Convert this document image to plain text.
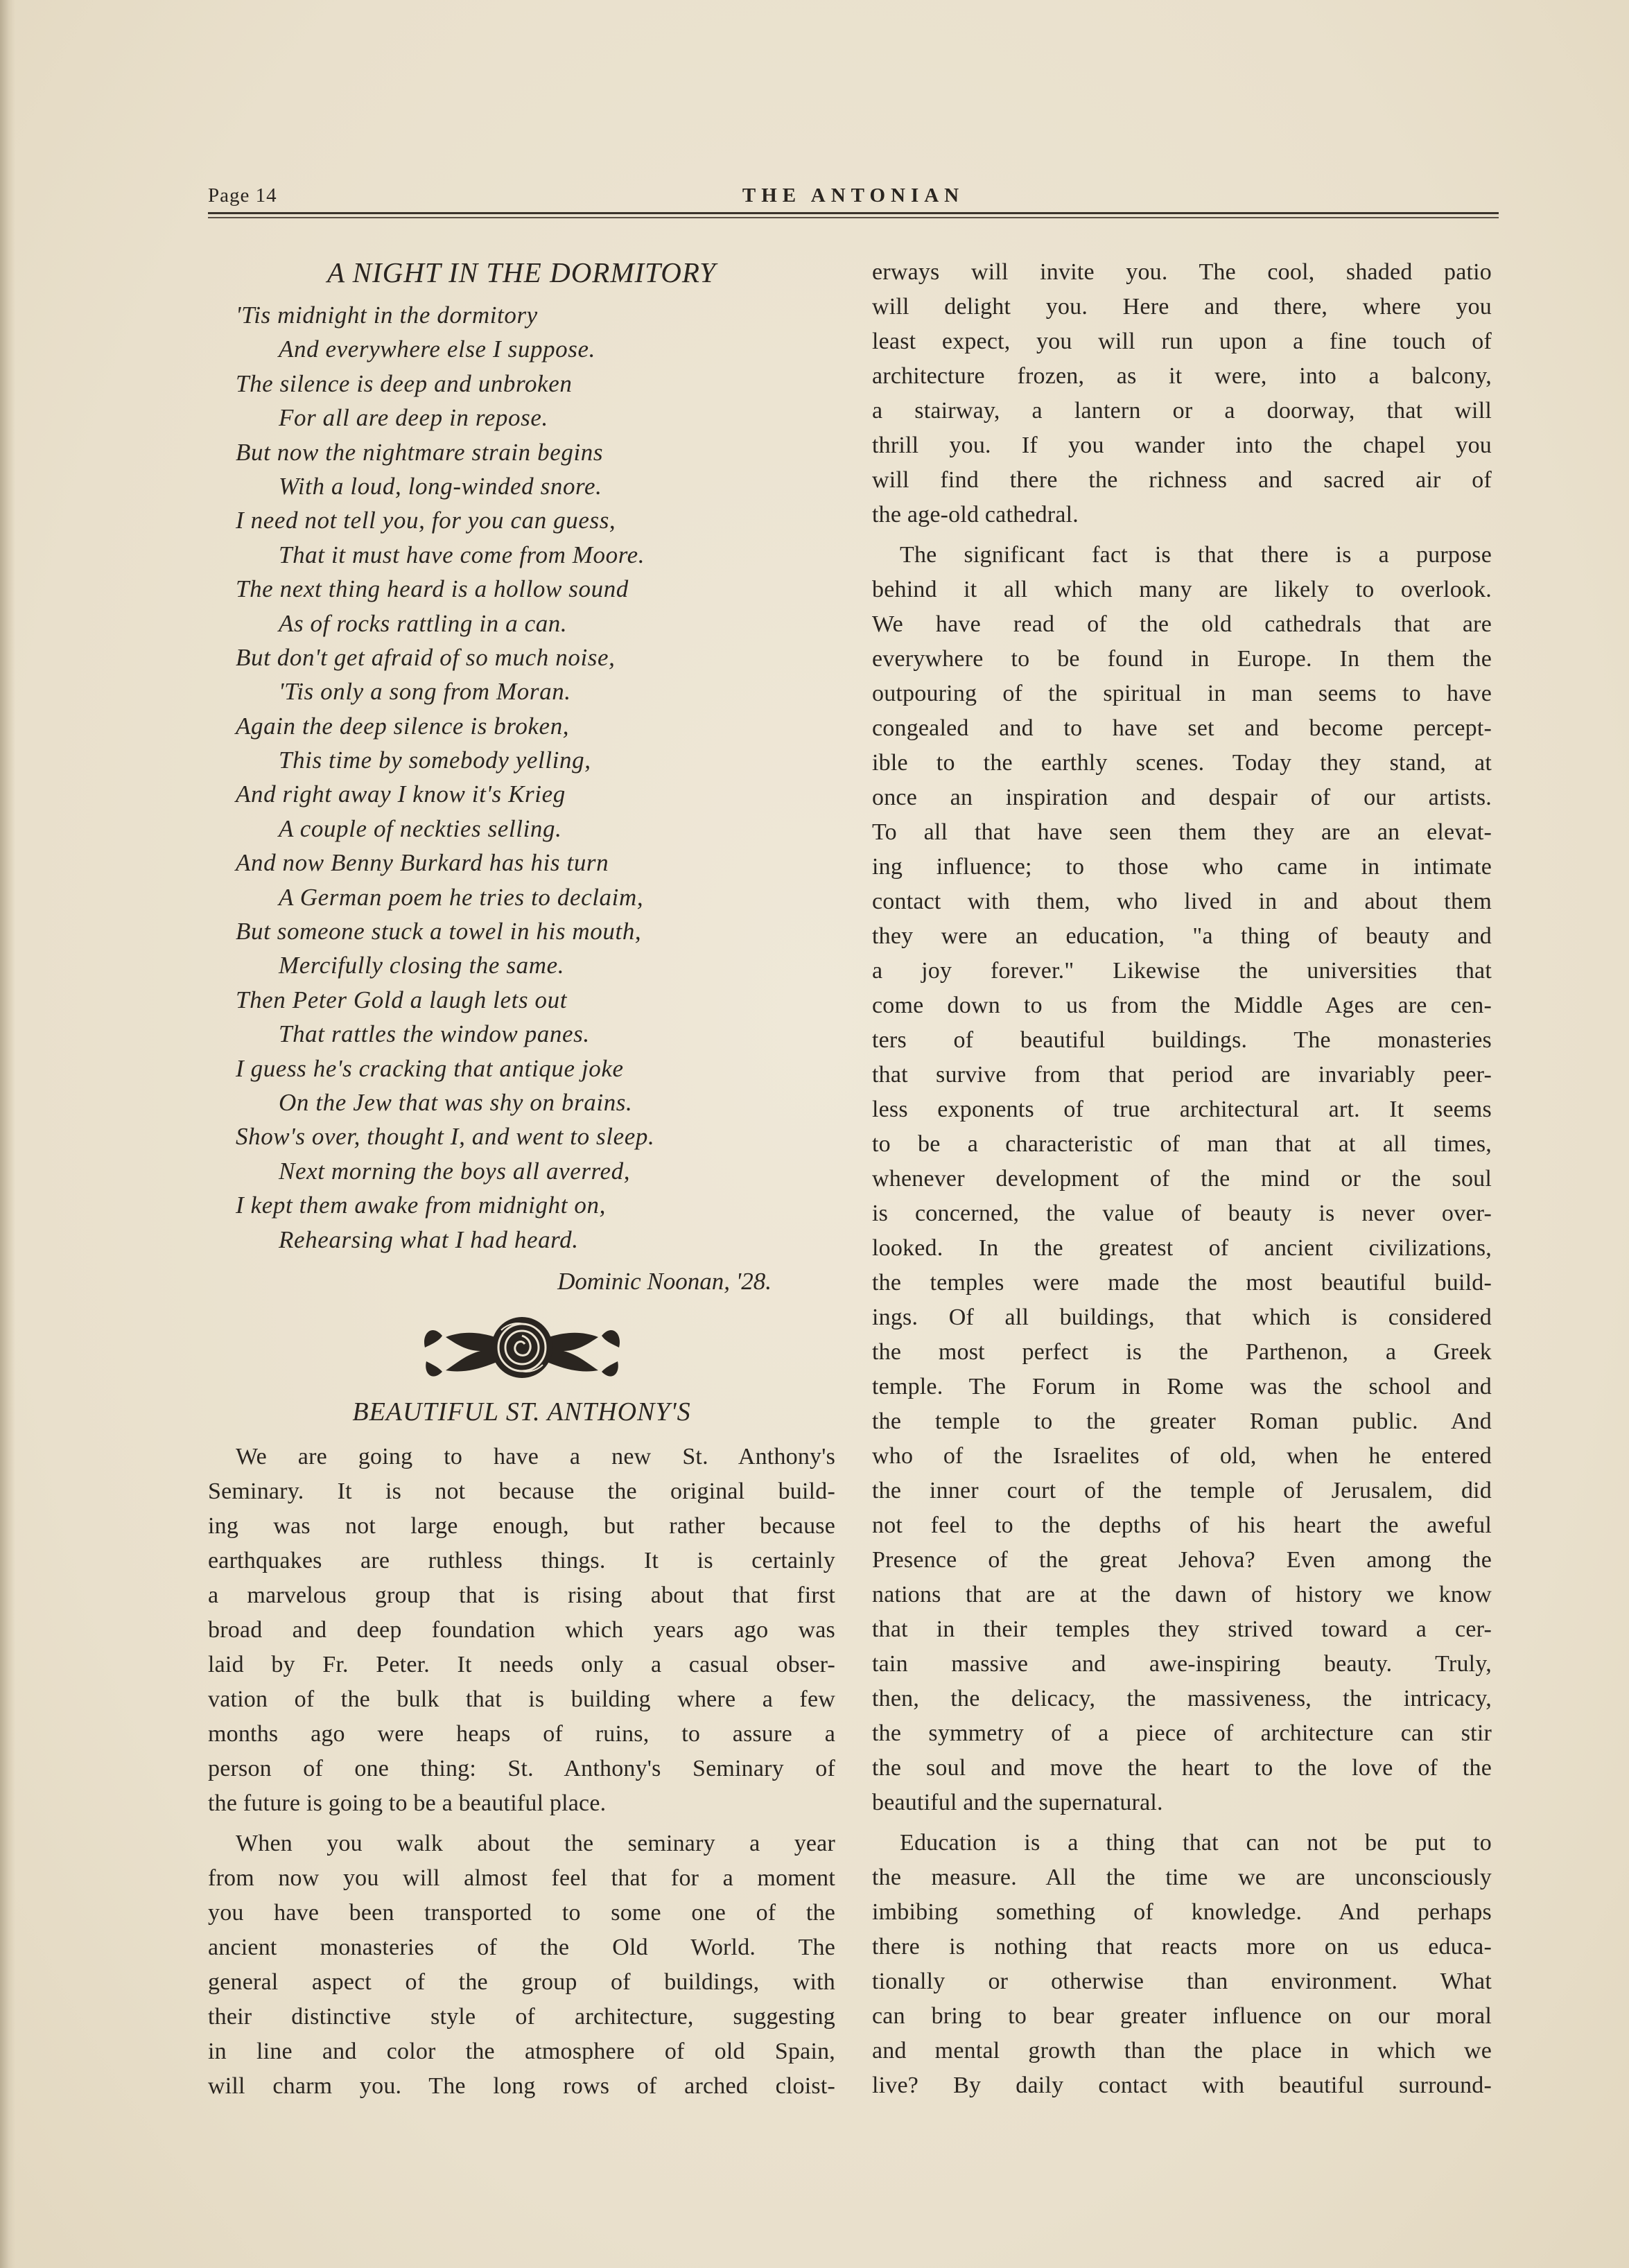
Page 14	THE ANTONIAN
A NIGHT IN THE DORMITORY
'Tis midnight in the dormitory
And everywhere else I suppose.
The silence is deep and unbroken
For all are deep in repose.
But now the nightmare strain begins
With a loud, long-winded snore.
I need not tell you, for you can guess,
That it must have come from Moore.
The next thing heard is a hollow sound
As of rocks rattling in a can.
But don't get afraid of so much noise,
'Tis only a song from Moran.
Again the deep silence is broken,
This time by somebody yelling,
And right away I know it's Krieg
A couple of neckties selling.
And now Benny Burkard has his turn
A German poem he tries to declaim,
But someone stuck a towel in his mouth,
Mercifully closing the same.
Then Peter Gold a laugh lets out
That rattles the window panes.
I guess he's cracking that antique joke
On the Jew that was shy on brains.
Show's over, thought I, and went to sleep.
Next morning the boys all averred,
I kept them awake from midnight on,
Rehearsing what I had heard.
Dominic Noonan, '28.
BEAUTIFUL ST. ANTHONY'S
We are going to have a new St. Anthony's
Seminary. It is not because the original build-
ing was not large enough, but rather because
earthquakes are ruthless things. It is certainly
a marvelous group that is rising about that first
broad and deep foundation which years ago was
laid by Fr. Peter. It needs only a casual obser-
vation of the bulk that is building where a few
months ago were heaps of ruins, to assure a
person of one thing: St. Anthony's Seminary of
the future is going to be a beautiful place.
When you walk about the seminary a year
from now you will almost feel that for a moment
you have been transported to some one of the
ancient monasteries of the Old World. The
general aspect of the group of buildings, with
their distinctive style of architecture, suggesting
in line and color the atmosphere of old Spain,
will charm you. The long rows of arched cloist-
erways will invite you. The cool, shaded patio
will delight you. Here and there, where you
least expect, you will run upon a fine touch of
architecture frozen, as it were, into a balcony,
a stairway, a lantern or a doorway, that will
thrill you. If you wander into the chapel you
will find there the richness and sacred air of
the age-old cathedral.
The significant fact is that there is a purpose
behind it all which many are likely to overlook.
We have read of the old cathedrals that are
everywhere to be found in Europe. In them the
outpouring of the spiritual in man seems to have
congealed and to have set and become percept-
ible to the earthly scenes. Today they stand, at
once an inspiration and despair of our artists.
To all that have seen them they are an elevat-
ing influence; to those who came in intimate
contact with them, who lived in and about them
they were an education, "a thing of beauty and
a joy forever." Likewise the universities that
come down to us from the Middle Ages are cen-
ters of beautiful buildings. The monasteries
that survive from that period are invariably peer-
less exponents of true architectural art. It seems
to be a characteristic of man that at all times,
whenever development of the mind or the soul
is concerned, the value of beauty is never over-
looked. In the greatest of ancient civilizations,
the temples were made the most beautiful build-
ings. Of all buildings, that which is considered
the most perfect is the Parthenon, a Greek
temple. The Forum in Rome was the school and
the temple to the greater Roman public. And
who of the Israelites of old, when he entered
the inner court of the temple of Jerusalem, did
not feel to the depths of his heart the aweful
Presence of the great Jehova? Even among the
nations that are at the dawn of history we know
that in their temples they strived toward a cer-
tain massive and awe-inspiring beauty. Truly,
then, the delicacy, the massiveness, the intricacy,
the symmetry of a piece of architecture can stir
the soul and move the heart to the love of the
beautiful and the supernatural.
Education is a thing that can not be put to
the measure. All the time we are unconsciously
imbibing something of knowledge. And perhaps
there is nothing that reacts more on us educa-
tionally or otherwise than environment. What
can bring to bear greater influence on our moral
and mental growth than the place in which we
live? By daily contact with beautiful surround-
